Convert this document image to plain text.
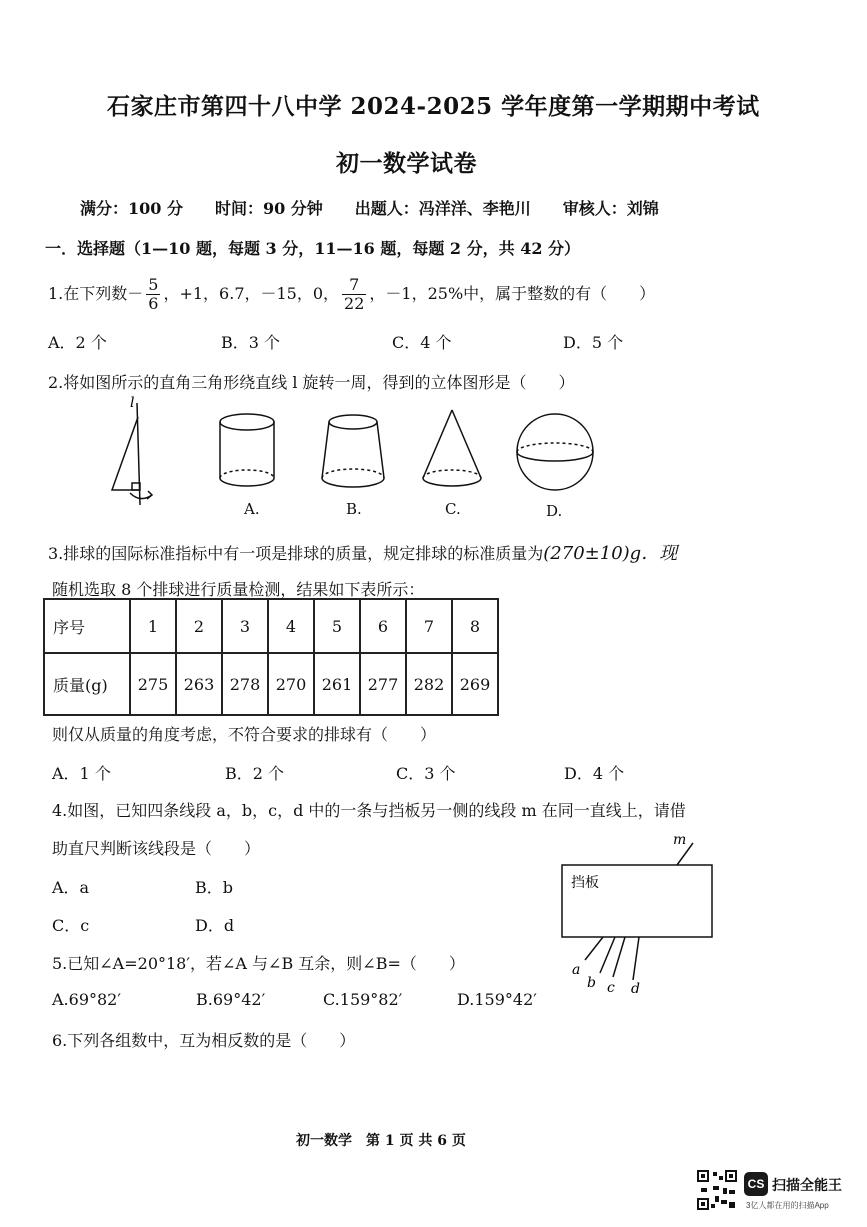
石家庄市第四十八中学 2024-2025 学年度第一学期期中考试
初一数学试卷
满分：100 分　　时间：90 分钟　　出题人：冯洋洋、李艳川　　审核人：刘锦
一．选择题（1—10 题，每题 3 分，11—16 题，每题 2 分，共 42 分）
1.在下列数－ $\frac{5}{6}$ ，+1，6.7，－15，0， $\frac{7}{22}$ ，－1，25%中，属于整数的有（　　）
A．2 个	B．3 个	C．4 个	D．5 个
2.将如图所示的直角三角形绕直线 l 旋转一周，得到的立体图形是（　　）
l
A.	B.	C.	D.
3.排球的国际标准指标中有一项是排球的质量，规定排球的标准质量为(270±10)g．现
随机选取 8 个排球进行质量检测，结果如下表所示：
序号	1	2	3	4	5	6	7	8
质量(g)	275	263	278	270	261	277	282	269
则仅从质量的角度考虑，不符合要求的排球有（　　）
A．1 个	B．2 个	C．3 个	D．4 个
4.如图，已知四条线段 a，b，c，d 中的一条与挡板另一侧的线段 m 在同一直线上，请借
助直尺判断该线段是（　　）
A．a	B．b
C．c	D．d
挡板
m
a
b c d
5.已知∠A=20°18′，若∠A 与∠B 互余，则∠B=（　　）
A.69°82′	B.69°42′	C.159°82′	D.159°42′
6.下列各组数中，互为相反数的是（　　）
初一数学　第 1 页 共 6 页
CS 扫描全能王
3亿人都在用的扫描App
